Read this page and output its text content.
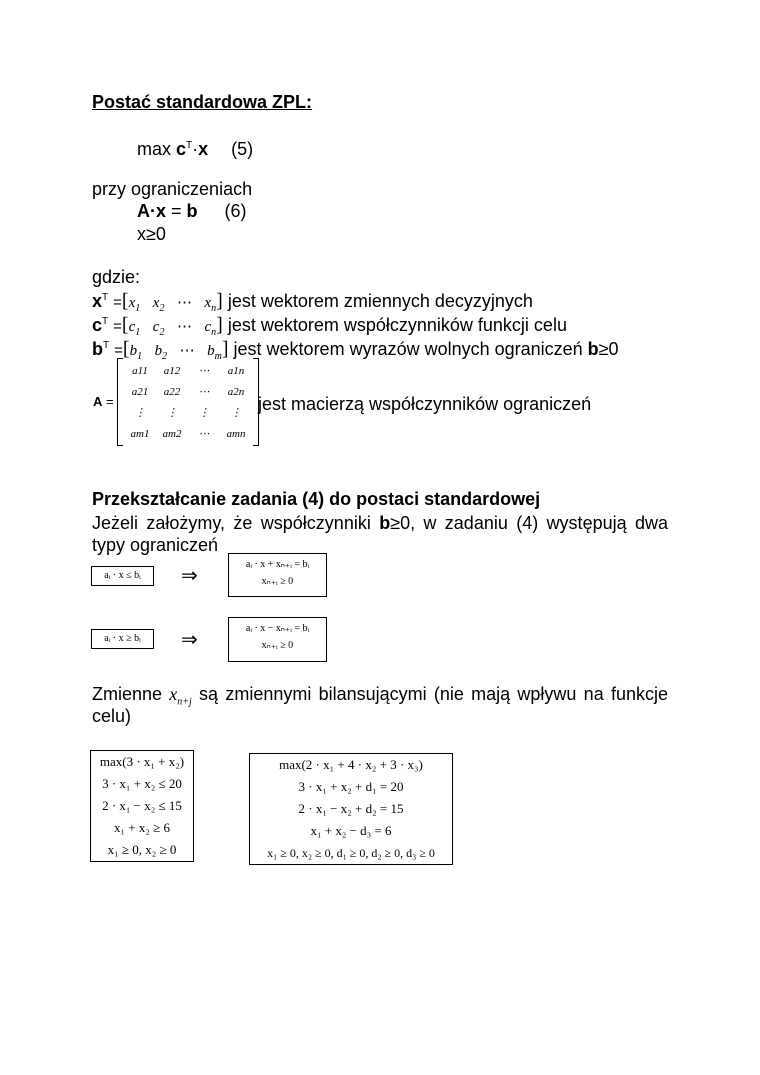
Postać standardowa ZPL:
$\max c^T\cdot x$ (5)
przy ograniczeniach
A·x = b (6)
x≥0
gdzie:
$x^T =[x_1$ $x_2$ ⋯ $x_n$] jest wektorem zmiennych decyzyjnych
$c^T =[c_1$ $c_2$ ⋯ $c_n$] jest wektorem współczynników funkcji celu
$b^T =[b_1$ $b_2$ ⋯ $b_m$] jest wektorem wyrazów wolnych ograniczeń b≥0
A =
a11 a12 ⋯ a1n
a21 a22 ⋯ a2n
⋮ ⋮ ⋮ ⋮
am1 am2 ⋯ amn
jest macierzą współczynników ograniczeń
Przekształcanie zadania (4) do postaci standardowej
Jeżeli założymy, że współczynniki b≥0, w zadaniu (4) występują dwa
typy ograniczeń
aᵢ · x ≤ bᵢ	⇒
aᵢ · x + xₙ₊ᵢ = bᵢ
xₙ₊ᵢ ≥ 0
aᵢ · x ≥ bᵢ	⇒
aᵢ · x − xₙ₊ᵢ = bᵢ
xₙ₊ᵢ ≥ 0
Zmienne $x_{n+j}$ są zmiennymi bilansującymi (nie mają wpływu na funkcje
celu)
max(3 · x₁ + x₂)
3 · x₁ + x₂ ≤ 20
2 · x₁ − x₂ ≤ 15
x₁ + x₂ ≥ 6
x₁ ≥ 0, x₂ ≥ 0
max(2 · x₁ + 4 · x₂ + 3 · x₃)
3 · x₁ + x₂ + d₁ = 20
2 · x₁ − x₂ + d₂ = 15
x₁ + x₂ − d₃ = 6
x₁ ≥ 0, x₂ ≥ 0, d₁ ≥ 0, d₂ ≥ 0, d₃ ≥ 0
